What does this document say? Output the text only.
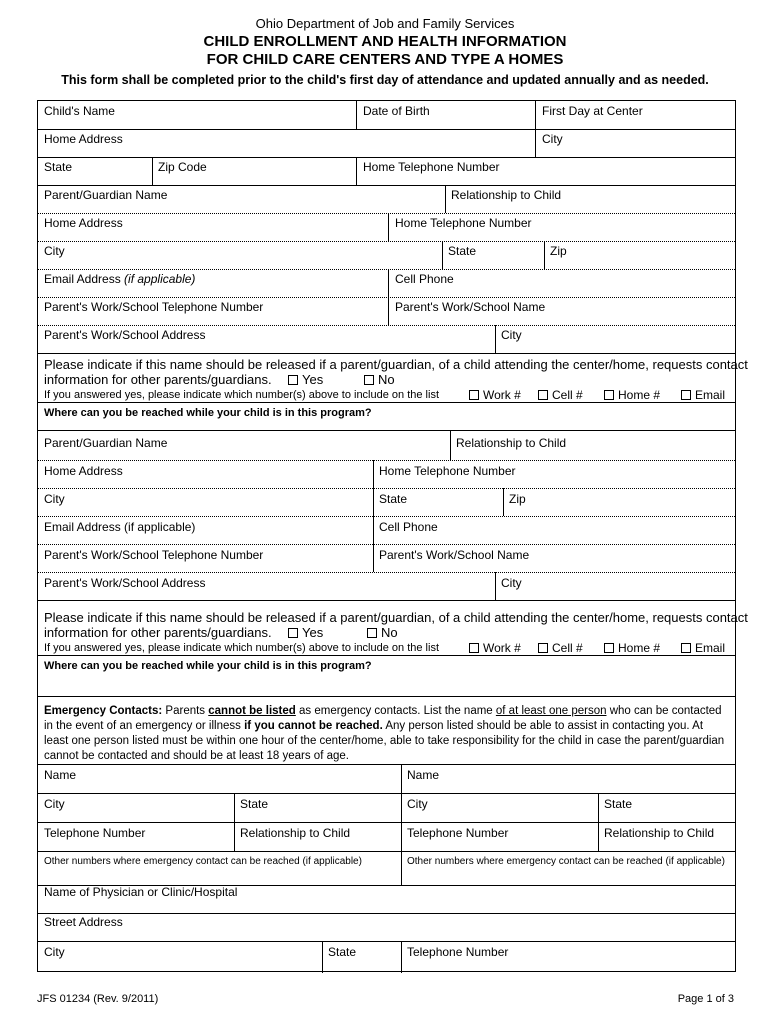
Ohio Department of Job and Family Services
CHILD ENROLLMENT AND HEALTH INFORMATION
FOR CHILD CARE CENTERS AND TYPE A HOMES
This form shall be completed prior to the child's first day of attendance and updated annually and as needed.
Child's Name	Date of Birth	First Day at Center
Home Address	City
State	Zip Code	Home Telephone Number
Parent/Guardian Name	Relationship to Child
Home Address	Home Telephone Number
City	State	Zip
Email Address (if applicable)	Cell Phone
Parent's Work/School Telephone Number	Parent's Work/School Name
Parent's Work/School Address	City
Please indicate if this name should be released if a parent/guardian, of a child attending the center/home, requests contact
information for other parents/guardians.	Yes	No
If you answered yes, please indicate which number(s) above to include on the list	Work #	Cell #	Home #	Email
Where can you be reached while your child is in this program?
Parent/Guardian Name	Relationship to Child
Home Address	Home Telephone Number
City	State	Zip
Email Address (if applicable)	Cell Phone
Parent's Work/School Telephone Number	Parent's Work/School Name
Parent's Work/School Address	City
Please indicate if this name should be released if a parent/guardian, of a child attending the center/home, requests contact
information for other parents/guardians.	Yes	No
If you answered yes, please indicate which number(s) above to include on the list	Work #	Cell #	Home #	Email
Where can you be reached while your child is in this program?
Emergency Contacts: Parents cannot be listed as emergency contacts. List the name of at least one person who can be contacted in the event of an emergency or illness if you cannot be reached. Any person listed should be able to assist in contacting you. At least one person listed must be within one hour of the center/home, able to take responsibility for the child in case the parent/guardian cannot be contacted and should be at least 18 years of age.
Name	Name
City	State	City	State
Telephone Number	Relationship to Child	Telephone Number	Relationship to Child
Other numbers where emergency contact can be reached (if applicable)	Other numbers where emergency contact can be reached (if applicable)
Name of Physician or Clinic/Hospital
Street Address
City	State	Telephone Number
JFS 01234 (Rev. 9/2011)	Page 1 of 3
